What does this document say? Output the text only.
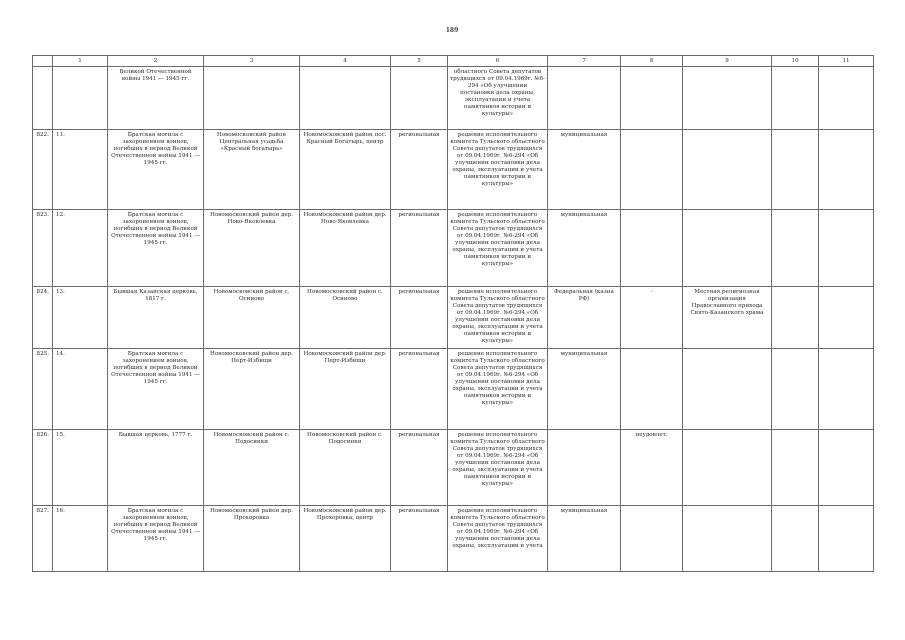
189
	1	2	3	4	5	6	7	8	9	10	11
		Великой Отечественной войны 1941 — 1945 гг.				областного Совета депутатов трудящихся от 09.04.1969г. №6-294 «Об улучшении постановки дела охраны, эксплуатации и учета памятников истории и культуры»					
822.	11.	Братская могила с захоронением воинов, погибших в период Великой Отечественной войны 1941 — 1945 гг.	Новомосковский район Центральная усадьба «Красный богатырь»	Новомосковский район пос. Красный Богатырь, центр	региональная	решение исполнительного комитета Тульского областного Совета депутатов трудящихся от 09.04.1969г. №6-294 «Об улучшении постановки дела охраны, эксплуатации и учета памятников истории и культуры»	муниципальная				
823.	12.	Братская могила с захоронением воинов, погибших в период Великой Отечественной войны 1941 — 1945 гг.	Новомосковский район дер. Ново-Яковлевка	Новомосковский район дер. Ново-Яковлевка	региональная	решение исполнительного комитета Тульского областного Совета депутатов трудящихся от 09.04.1969г. №6-294 «Об улучшении постановки дела охраны, эксплуатации и учета памятников истории и культуры»	муниципальная				
824.	13.	Бывшая Казанская церковь, 1817 г.	Новомосковский район с. Осиново	Новомосковский район с. Осиново	региональная	решение исполнительного комитета Тульского областного Совета депутатов трудящихся от 09.04.1969г. №6-294 «Об улучшении постановки дела охраны, эксплуатации и учета памятников истории и культуры»	Федеральная (казна РФ)	-	Местная религиозная организация Православного прихода Свято-Казанского храма		
825.	14.	Братская могила с захоронением воинов, погибших в период Великой Отечественной войны 1941 — 1945 гг.	Новомосковский район дер. Перт-Избищи	Новомосковский район дер. Перт-Избищи	региональная	решение исполнительного комитета Тульского областного Совета депутатов трудящихся от 09.04.1969г. №6-294 «Об улучшении постановки дела охраны, эксплуатации и учета памятников истории и культуры»	муниципальная				
826.	15.	Бывшая церковь, 1777 г.	Новомосковский район с. Подосинки	Новомосковский район с. Подосинки	региональная	решение исполнительного комитета Тульского областного Совета депутатов трудящихся от 09.04.1969г. №6-294 «Об улучшении постановки дела охраны, эксплуатации и учета памятников истории и культуры»		неудовлет.			
827.	16.	Братская могила с захоронением воинов, погибших в период Великой Отечественной войны 1941 — 1945 гг.	Новомосковский район дер. Прохоровка	Новомосковский район дер. Прохоровка, центр	региональная	решение исполнительного комитета Тульского областного Совета депутатов трудящихся от 09.04.1969г. №6-294 «Об улучшении постановки дела охраны, эксплуатации и учета	муниципальная				
